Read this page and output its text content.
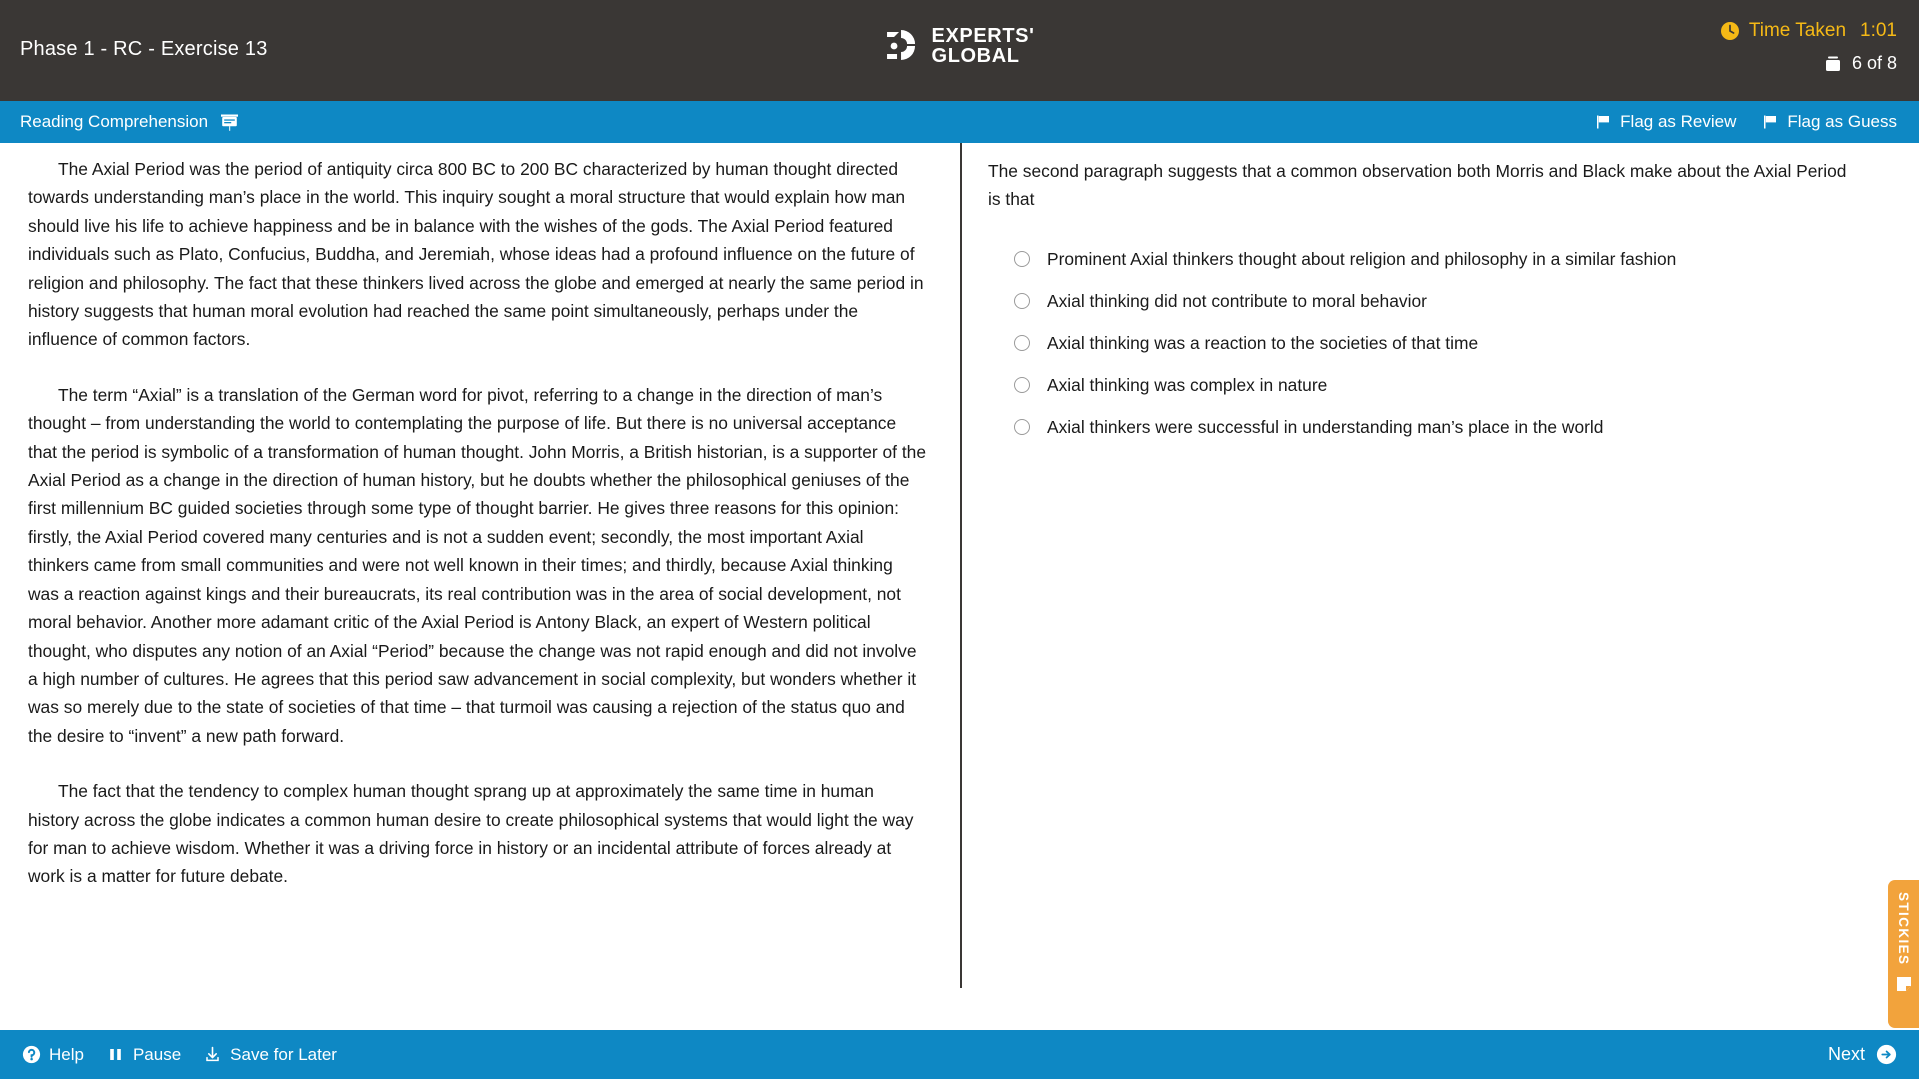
Phase 1 - RC - Exercise 13
EXPERTS'
GLOBAL
Time Taken 1:01
6 of 8
Reading Comprehension	Flag as Review	Flag as Guess

The Axial Period was the period of antiquity circa 800 BC to 200 BC characterized by human thought directed towards understanding man’s place in the world. This inquiry sought a moral structure that would explain how man should live his life to achieve happiness and be in balance with the wishes of the gods. The Axial Period featured individuals such as Plato, Confucius, Buddha, and Jeremiah, whose ideas had a profound influence on the future of religion and philosophy. The fact that these thinkers lived across the globe and emerged at nearly the same period in history suggests that human moral evolution had reached the same point simultaneously, perhaps under the influence of common factors.

The term “Axial” is a translation of the German word for pivot, referring to a change in the direction of man’s thought – from understanding the world to contemplating the purpose of life. But there is no universal acceptance that the period is symbolic of a transformation of human thought. John Morris, a British historian, is a supporter of the Axial Period as a change in the direction of human history, but he doubts whether the philosophical geniuses of the first millennium BC guided societies through some type of thought barrier. He gives three reasons for this opinion: firstly, the Axial Period covered many centuries and is not a sudden event; secondly, the most important Axial thinkers came from small communities and were not well known in their times; and thirdly, because Axial thinking was a reaction against kings and their bureaucrats, its real contribution was in the area of social development, not moral behavior. Another more adamant critic of the Axial Period is Antony Black, an expert of Western political thought, who disputes any notion of an Axial “Period” because the change was not rapid enough and did not involve a high number of cultures. He agrees that this period saw advancement in social complexity, but wonders whether it was so merely due to the state of societies of that time – that turmoil was causing a rejection of the status quo and the desire to “invent” a new path forward.

The fact that the tendency to complex human thought sprang up at approximately the same time in human history across the globe indicates a common human desire to create philosophical systems that would light the way for man to achieve wisdom. Whether it was a driving force in history or an incidental attribute of forces already at work is a matter for future debate.

The second paragraph suggests that a common observation both Morris and Black make about the Axial Period is that
Prominent Axial thinkers thought about religion and philosophy in a similar fashion
Axial thinking did not contribute to moral behavior
Axial thinking was a reaction to the societies of that time
Axial thinking was complex in nature
Axial thinkers were successful in understanding man’s place in the world
STICKIES
Help	Pause	Save for Later	Next
